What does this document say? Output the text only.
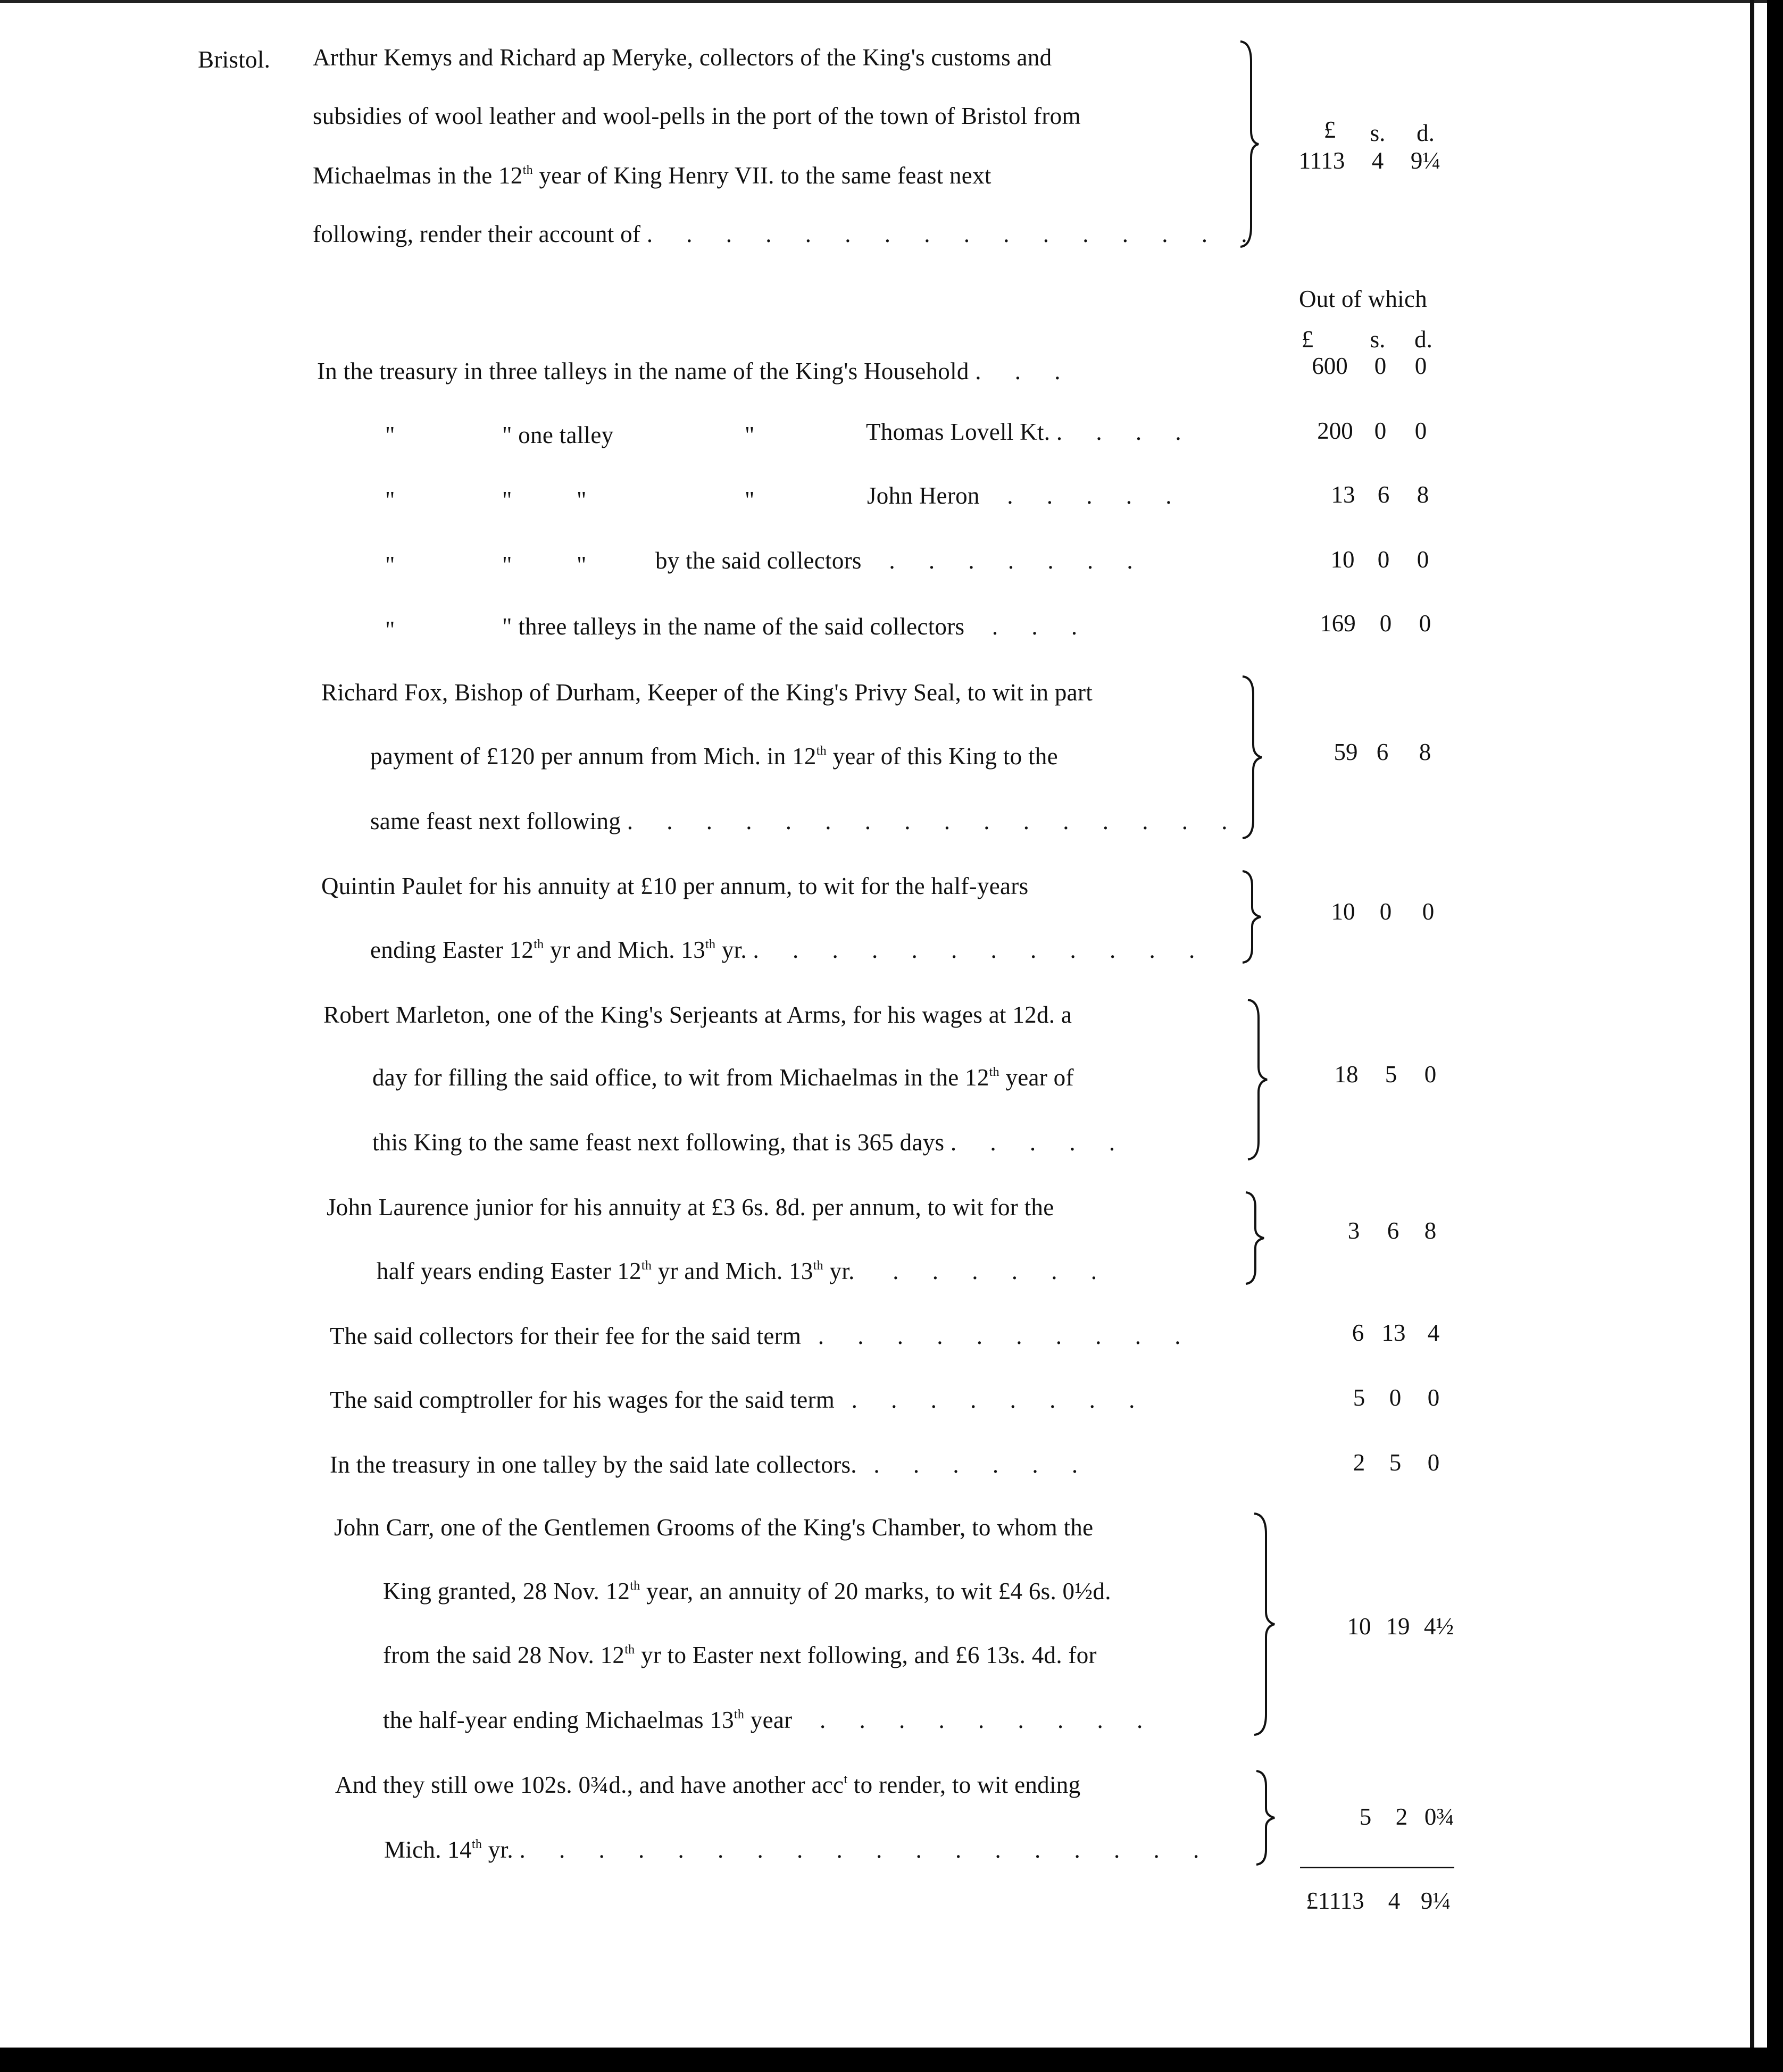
Bristol. Arthur Kemys and Richard ap Meryke, collectors of the King's customs and
subsidies of wool leather and wool-pells in the port of the town of Bristol from
Michaelmas in the 12th year of King Henry VII. to the same feast next
following, render their account of . . . . . . . . . . . . . . . .
£	s.	d.
1113	4	9¼
Out of which
£	s.	d.
In the treasury in three talleys in the name of the King's Household . . .	600	0	0
"	" one talley	"	Thomas Lovell Kt. . . . .	200 0	0
"	"	"	"	John Heron . . . . .	13 6	8
"	"	"	by the said collectors . . . . . . .	10 0	0
"	" three talleys in the name of the said collectors . . .	169	0	0
Richard Fox, Bishop of Durham, Keeper of the King's Privy Seal, to wit in part
payment of £120 per annum from Mich. in 12th year of this King to the
same feast next following . . . . . . . . . . . . . . . .
59 6	8
Quintin Paulet for his annuity at £10 per annum, to wit for the half-years
ending Easter 12th yr and Mich. 13th yr. . . . . . . . . . . . .
10	0	0
Robert Marleton, one of the King's Serjeants at Arms, for his wages at 12d. a
day for filling the said office, to wit from Michaelmas in the 12th year of
this King to the same feast next following, that is 365 days . . . . .
18	5	0
John Laurence junior for his annuity at £3 6s. 8d. per annum, to wit for the
half years ending Easter 12th yr and Mich. 13th yr. . . . . . .
3	6	8
The said collectors for their fee for the said term . . . . . . . . . .	6 13 4
The said comptroller for his wages for the said term . . . . . . . .	5	0	0
In the treasury in one talley by the said late collectors. . . . . . .	2	5	0
John Carr, one of the Gentlemen Grooms of the King's Chamber, to whom the
King granted, 28 Nov. 12th year, an annuity of 20 marks, to wit £4 6s. 0½d.
from the said 28 Nov. 12th yr to Easter next following, and £6 13s. 4d. for
the half-year ending Michaelmas 13th year . . . . . . . . .
10 19 4½
And they still owe 102s. 0¾d., and have another acc$^t$ to render, to wit ending
Mich. 14th yr. . . . . . . . . . . . . . . . . . .
5	2 0¾
£1113	4 9¼
